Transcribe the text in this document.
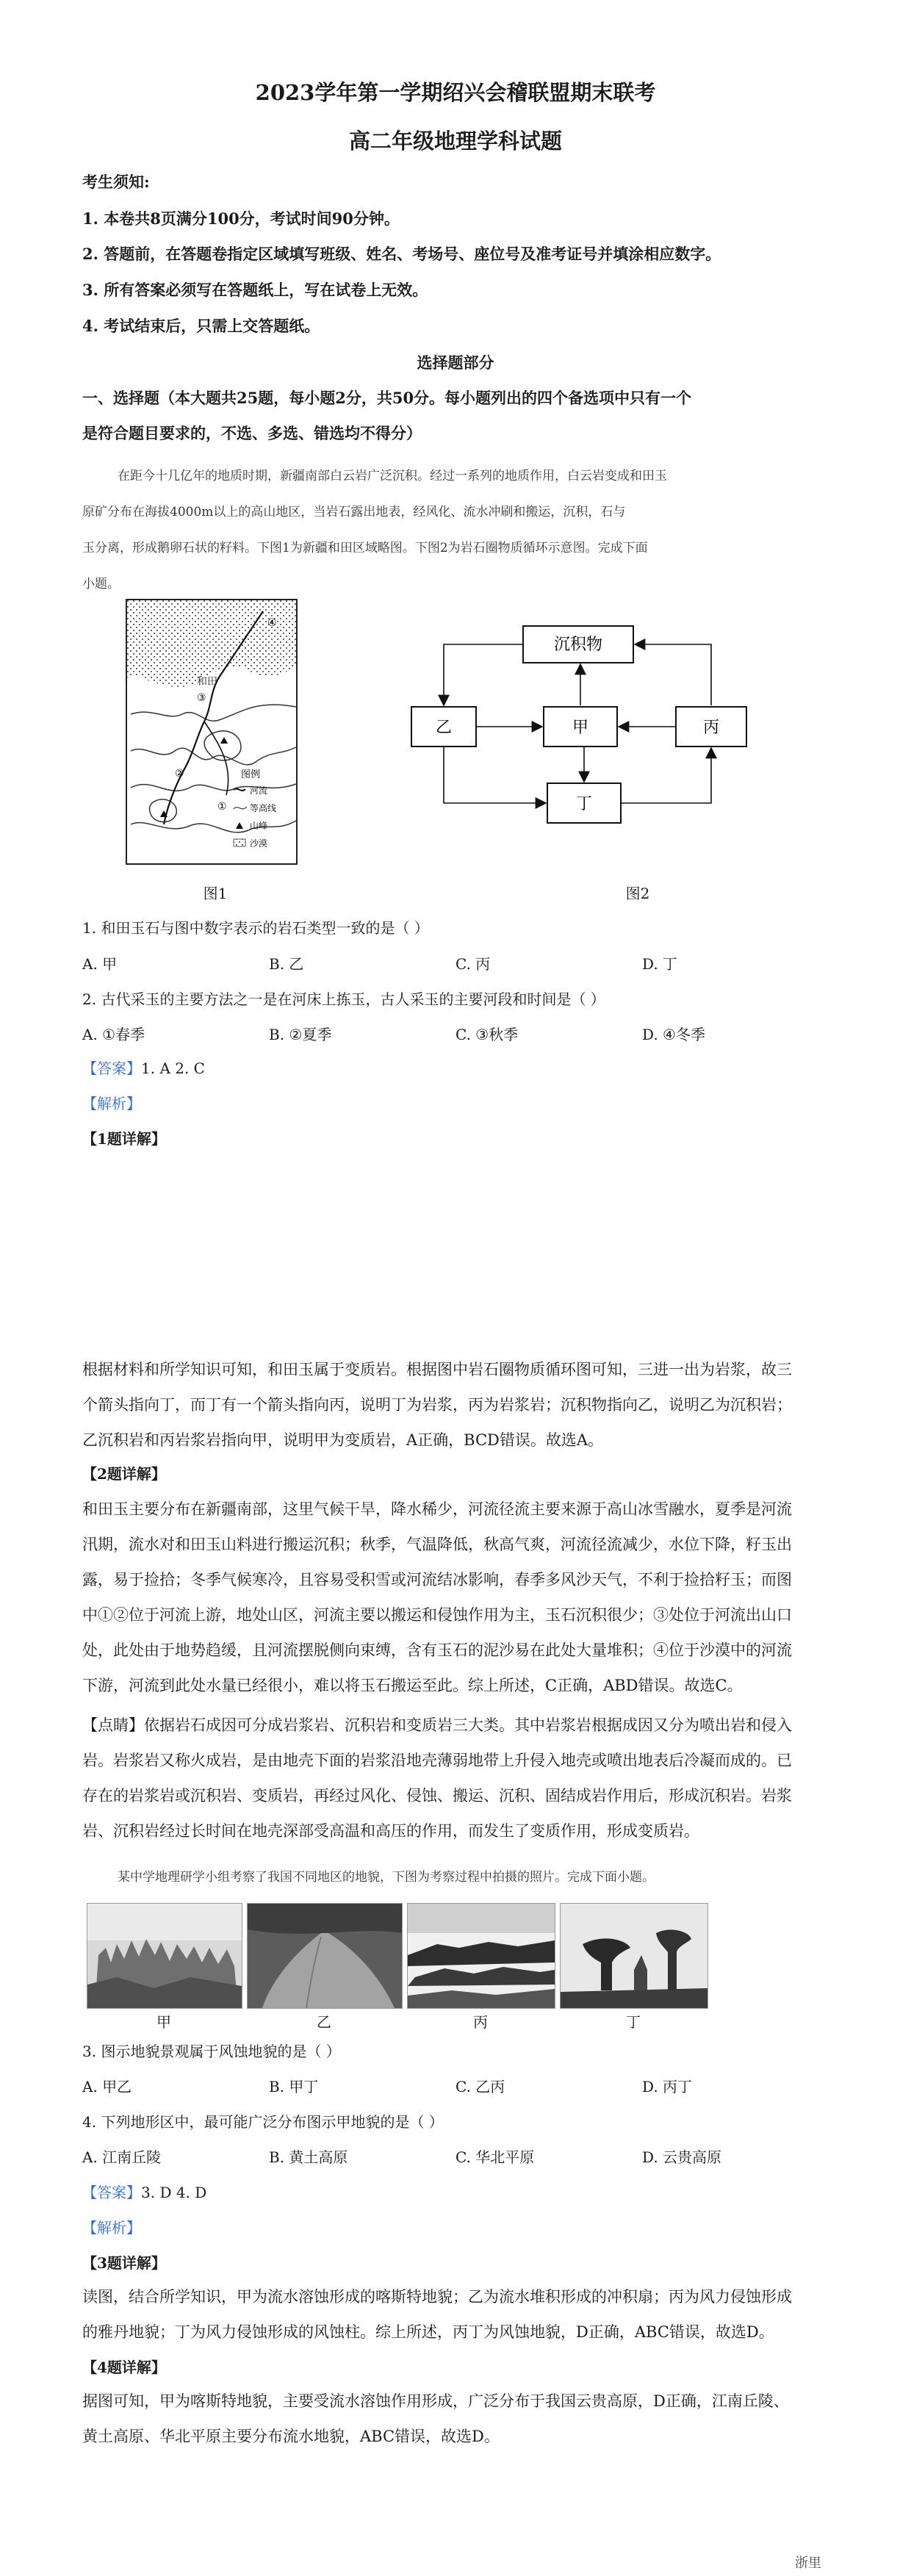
2023学年第一学期绍兴会稽联盟期末联考
高二年级地理学科试题
考生须知:
1. 本卷共8页满分100分，考试时间90分钟。
2. 答题前，在答题卷指定区域填写班级、姓名、考场号、座位号及准考证号并填涂相应数字。
3. 所有答案必须写在答题纸上，写在试卷上无效。
4. 考试结束后，只需上交答题纸。
选择题部分
一、选择题（本大题共25题，每小题2分，共50分。每小题列出的四个备选项中只有一个
是符合题目要求的，不选、多选、错选均不得分）
在距今十几亿年的地质时期，新疆南部白云岩广泛沉积。经过一系列的地质作用，白云岩变成和田玉
原矿分布在海拔4000m以上的高山地区，当岩石露出地表，经风化、流水冲刷和搬运，沉积，石与
玉分离，形成鹅卵石状的籽料。下图1为新疆和田区域略图。下图2为岩石圈物质循环示意图。完成下面
小题。
和田
④
③
②
①
图例
河流
等高线
山峰
沙漠
图1
沉积物
乙	甲	丙
丁
图2
1. 和田玉石与图中数字表示的岩石类型一致的是（ ）
A. 甲	B. 乙	C. 丙	D. 丁
2. 古代采玉的主要方法之一是在河床上拣玉，古人采玉的主要河段和时间是（ ）
A. ①春季	B. ②夏季	C. ③秋季	D. ④冬季
【答案】1. A 2. C
【解析】
【1题详解】

根据材料和所学知识可知，和田玉属于变质岩。根据图中岩石圈物质循环图可知，三进一出为岩浆，故三

个箭头指向丁，而丁有一个箭头指向丙，说明丁为岩浆，丙为岩浆岩；沉积物指向乙，说明乙为沉积岩；

乙沉积岩和丙岩浆岩指向甲，说明甲为变质岩，A正确，BCD错误。故选A。

【2题详解】

和田玉主要分布在新疆南部，这里气候干旱，降水稀少，河流径流主要来源于高山冰雪融水，夏季是河流

汛期，流水对和田玉山料进行搬运沉积；秋季，气温降低，秋高气爽，河流径流减少，水位下降，籽玉出

露，易于捡拾；冬季气候寒冷，且容易受积雪或河流结冰影响，春季多风沙天气，不利于捡拾籽玉；而图

中①②位于河流上游，地处山区，河流主要以搬运和侵蚀作用为主，玉石沉积很少；③处位于河流出山口

处，此处由于地势趋缓，且河流摆脱侧向束缚，含有玉石的泥沙易在此处大量堆积；④位于沙漠中的河流

下游，河流到此处水量已经很小，难以将玉石搬运至此。综上所述，C正确，ABD错误。故选C。

【点睛】依据岩石成因可分成岩浆岩、沉积岩和变质岩三大类。其中岩浆岩根据成因又分为喷出岩和侵入

岩。岩浆岩又称火成岩，是由地壳下面的岩浆沿地壳薄弱地带上升侵入地壳或喷出地表后冷凝而成的。已

存在的岩浆岩或沉积岩、变质岩，再经过风化、侵蚀、搬运、沉积、固结成岩作用后，形成沉积岩。岩浆

岩、沉积岩经过长时间在地壳深部受高温和高压的作用，而发生了变质作用，形成变质岩。

某中学地理研学小组考察了我国不同地区的地貌，下图为考察过程中拍摄的照片。完成下面小题。
甲	乙	丙	丁
3. 图示地貌景观属于风蚀地貌的是（ ）
A. 甲乙	B. 甲丁	C. 乙丙	D. 丙丁
4. 下列地形区中，最可能广泛分布图示甲地貌的是（ ）
A. 江南丘陵	B. 黄土高原	C. 华北平原	D. 云贵高原
【答案】3. D 4. D
【解析】
【3题详解】

读图，结合所学知识，甲为流水溶蚀形成的喀斯特地貌；乙为流水堆积形成的冲积扇；丙为风力侵蚀形成

的雅丹地貌；丁为风力侵蚀形成的风蚀柱。综上所述，丙丁为风蚀地貌，D正确，ABC错误，故选D。

【4题详解】

据图可知，甲为喀斯特地貌，主要受流水溶蚀作用形成，广泛分布于我国云贵高原，D正确，江南丘陵、

黄土高原、华北平原主要分布流水地貌，ABC错误，故选D。

浙里
